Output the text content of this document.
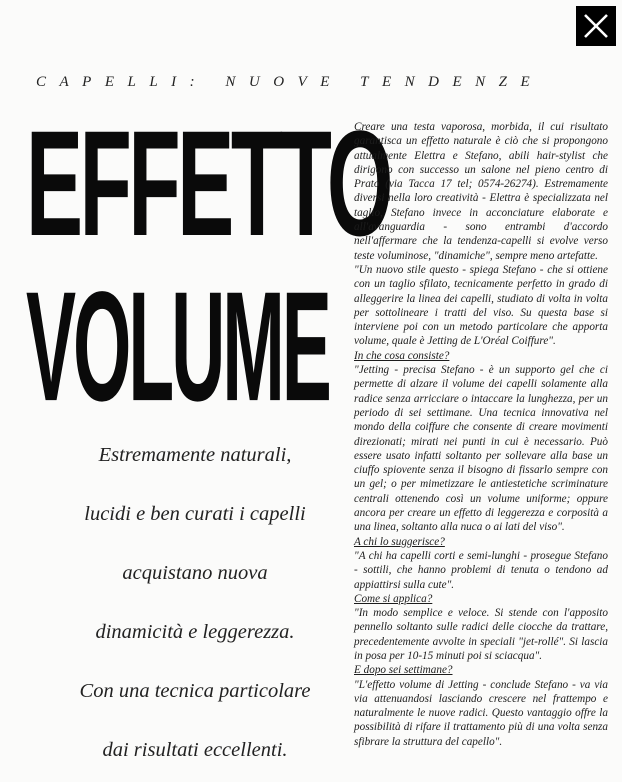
CAPELLI: NUOVE TENDENZE
EFFETTO
VOLUME
Estremamente naturali,
lucidi e ben curati i capelli
acquistano nuova
dinamicità e leggerezza.
Con una tecnica particolare
dai risultati eccellenti.

Creare una testa vaporosa, morbida, il cui risultato garantisca un effetto naturale è ciò che si propongono attualmente Elettra e Stefano, abili hair-stylist che dirigono con successo un salone nel pieno centro di Prato (via Tacca 17 tel; 0574-26274). Estremamente diversi nella loro creatività - Elettra è specializzata nel taglio, Stefano invece in acconciature elaborate e all'avanguardia - sono entrambi d'accordo nell'affermare che la tendenza-capelli si evolve verso teste voluminose, "dinamiche", sempre meno artefatte.

"Un nuovo stile questo - spiega Stefano - che si ottiene con un taglio sfilato, tecnicamente perfetto in grado di alleggerire la linea dei capelli, studiato di volta in volta per sottolineare i tratti del viso. Su questa base si interviene poi con un metodo particolare che apporta volume, quale è Jetting de L'Oréal Coiffure".

In che cosa consiste?

"Jetting - precisa Stefano - è un supporto gel che ci permette di alzare il volume dei capelli solamente alla radice senza arricciare o intaccare la lunghezza, per un periodo di sei settimane. Una tecnica innovativa nel mondo della coiffure che consente di creare movimenti direzionati; mirati nei punti in cui è necessario. Può essere usato infatti soltanto per sollevare alla base un ciuffo spiovente senza il bisogno di fissarlo sempre con un gel; o per mimetizzare le antiestetiche scriminature centrali ottenendo così un volume uniforme; oppure ancora per creare un effetto di leggerezza e corposità a una linea, soltanto alla nuca o ai lati del viso".

A chi lo suggerisce?

"A chi ha capelli corti e semi-lunghi - prosegue Stefano - sottili, che hanno problemi di tenuta o tendono ad appiattirsi sulla cute".

Come si applica?

"In modo semplice e veloce. Si stende con l'apposito pennello soltanto sulle radici delle ciocche da trattare, precedentemente avvolte in speciali "jet-rollé". Si lascia in posa per 10-15 minuti poi si sciacqua".

E dopo sei settimane?

"L'effetto volume di Jetting - conclude Stefano - va via via attenuandosi lasciando crescere nel frattempo e naturalmente le nuove radici. Questo vantaggio offre la possibilità di rifare il trattamento più di una volta senza sfibrare la struttura del capello".
